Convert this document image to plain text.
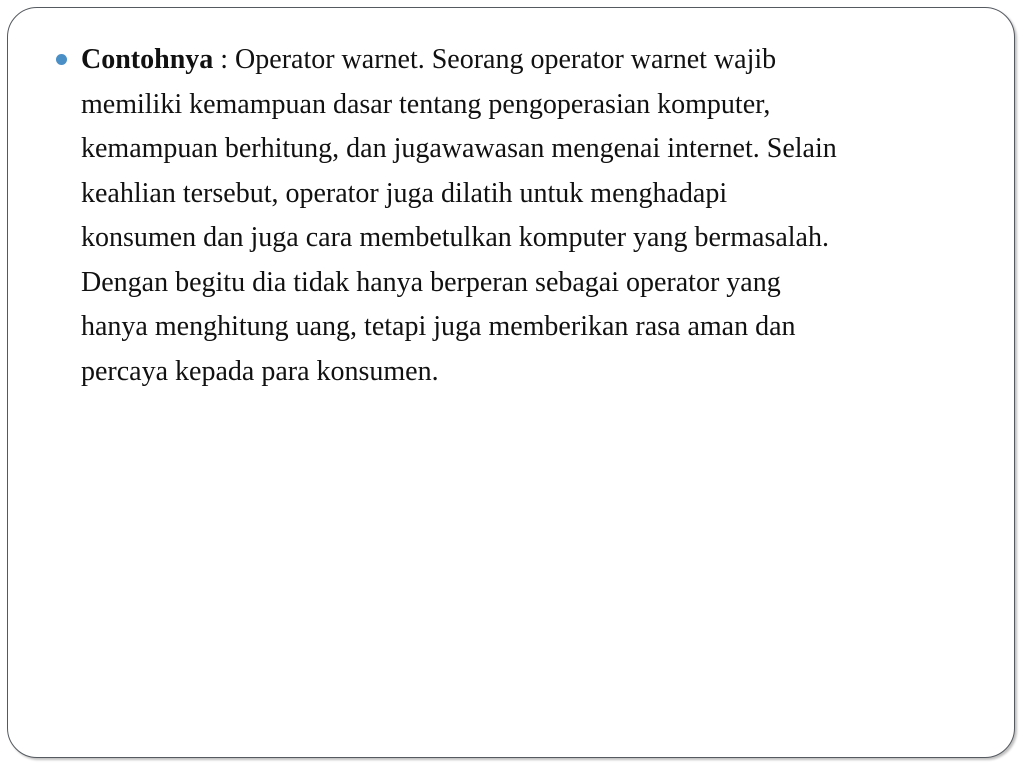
Contohnya : Operator warnet. Seorang operator warnet wajib
memiliki kemampuan dasar tentang pengoperasian komputer,
kemampuan berhitung, dan jugawawasan mengenai internet. Selain
keahlian tersebut, operator juga dilatih untuk menghadapi
konsumen dan juga cara membetulkan komputer yang bermasalah.
Dengan begitu dia tidak hanya berperan sebagai operator yang
hanya menghitung uang, tetapi juga memberikan rasa aman dan
percaya kepada para konsumen.
